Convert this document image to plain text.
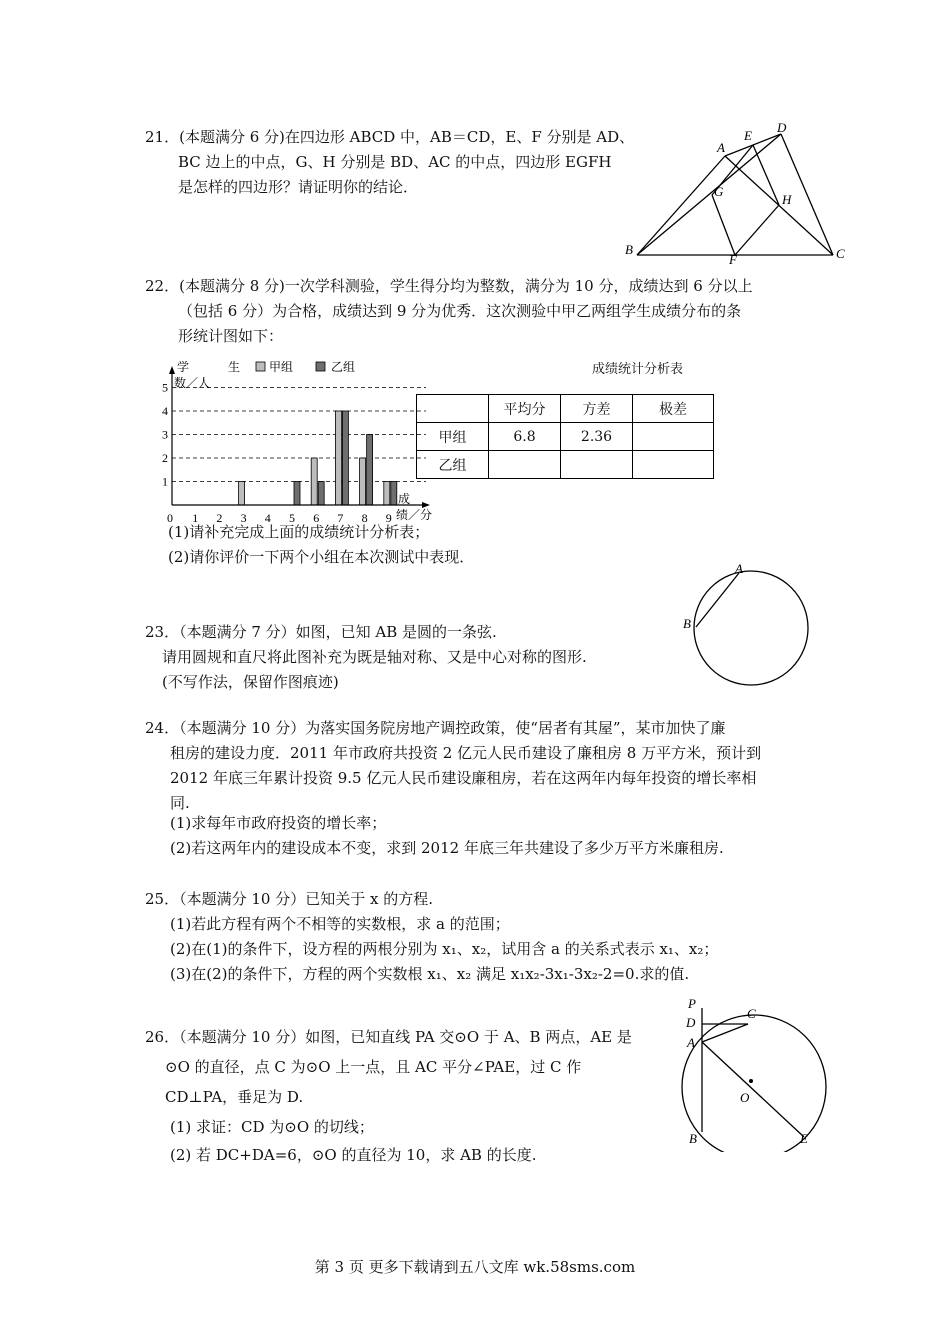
21．(本题满分 6 分)在四边形 ABCD 中，AB＝CD，E、F 分别是 AD、
BC 边上的中点，G、H 分别是 BD、AC 的中点，四边形 EGFH
是怎样的四边形？请证明你的结论．
A
E
D
G
H
B
F	C
22．(本题满分 8 分)一次学科测验，学生得分均为整数，满分为 10 分，成绩达到 6 分以上
（包括 6 分）为合格，成绩达到 9 分为优秀．这次测验中甲乙两组学生成绩分布的条
形统计图如下：
学	生
数／人
甲组	乙组
1
2
3
4
5
0 1 2 3 4 5 6 7 8 9
成
绩／分
成绩统计分析表
	平均分	方差	极差
甲组	6.8	2.36	
乙组			
(1)请补充完成上面的成绩统计分析表；
(2)请你评价一下两个小组在本次测试中表现．
23．（本题满分 7 分）如图，已知 AB 是圆的一条弦.
请用圆规和直尺将此图补充为既是轴对称、又是中心对称的图形.
(不写作法，保留作图痕迹)
A
B
24．（本题满分 10 分）为落实国务院房地产调控政策，使“居者有其屋”，某市加快了廉
租房的建设力度．2011 年市政府共投资 2 亿元人民币建设了廉租房 8 万平方米，预计到
2012 年底三年累计投资 9.5 亿元人民币建设廉租房，若在这两年内每年投资的增长率相
同.
(1)求每年市政府投资的增长率；
(2)若这两年内的建设成本不变，求到 2012 年底三年共建设了多少万平方米廉租房.
25．（本题满分 10 分）已知关于 x 的方程.
(1)若此方程有两个不相等的实数根，求 a 的范围；
(2)在(1)的条件下，设方程的两根分别为 x₁、x₂，试用含 a 的关系式表示 x₁、x₂；
(3)在(2)的条件下，方程的两个实数根 x₁、x₂ 满足 x₁x₂-3x₁-3x₂-2=0.求的值.
26．（本题满分 10 分）如图，已知直线 PA 交⊙O 于 A、B 两点，AE 是
⊙O 的直径，点 C 为⊙O 上一点，且 AC 平分∠PAE，过 C 作
CD⊥PA，垂足为 D.
(1) 求证：CD 为⊙O 的切线；
(2) 若 DC+DA=6，⊙O 的直径为 10，求 AB 的长度.
P
D
C
A
O
B	E
第 3 页 更多下载请到五八文库 wk.58sms.com
